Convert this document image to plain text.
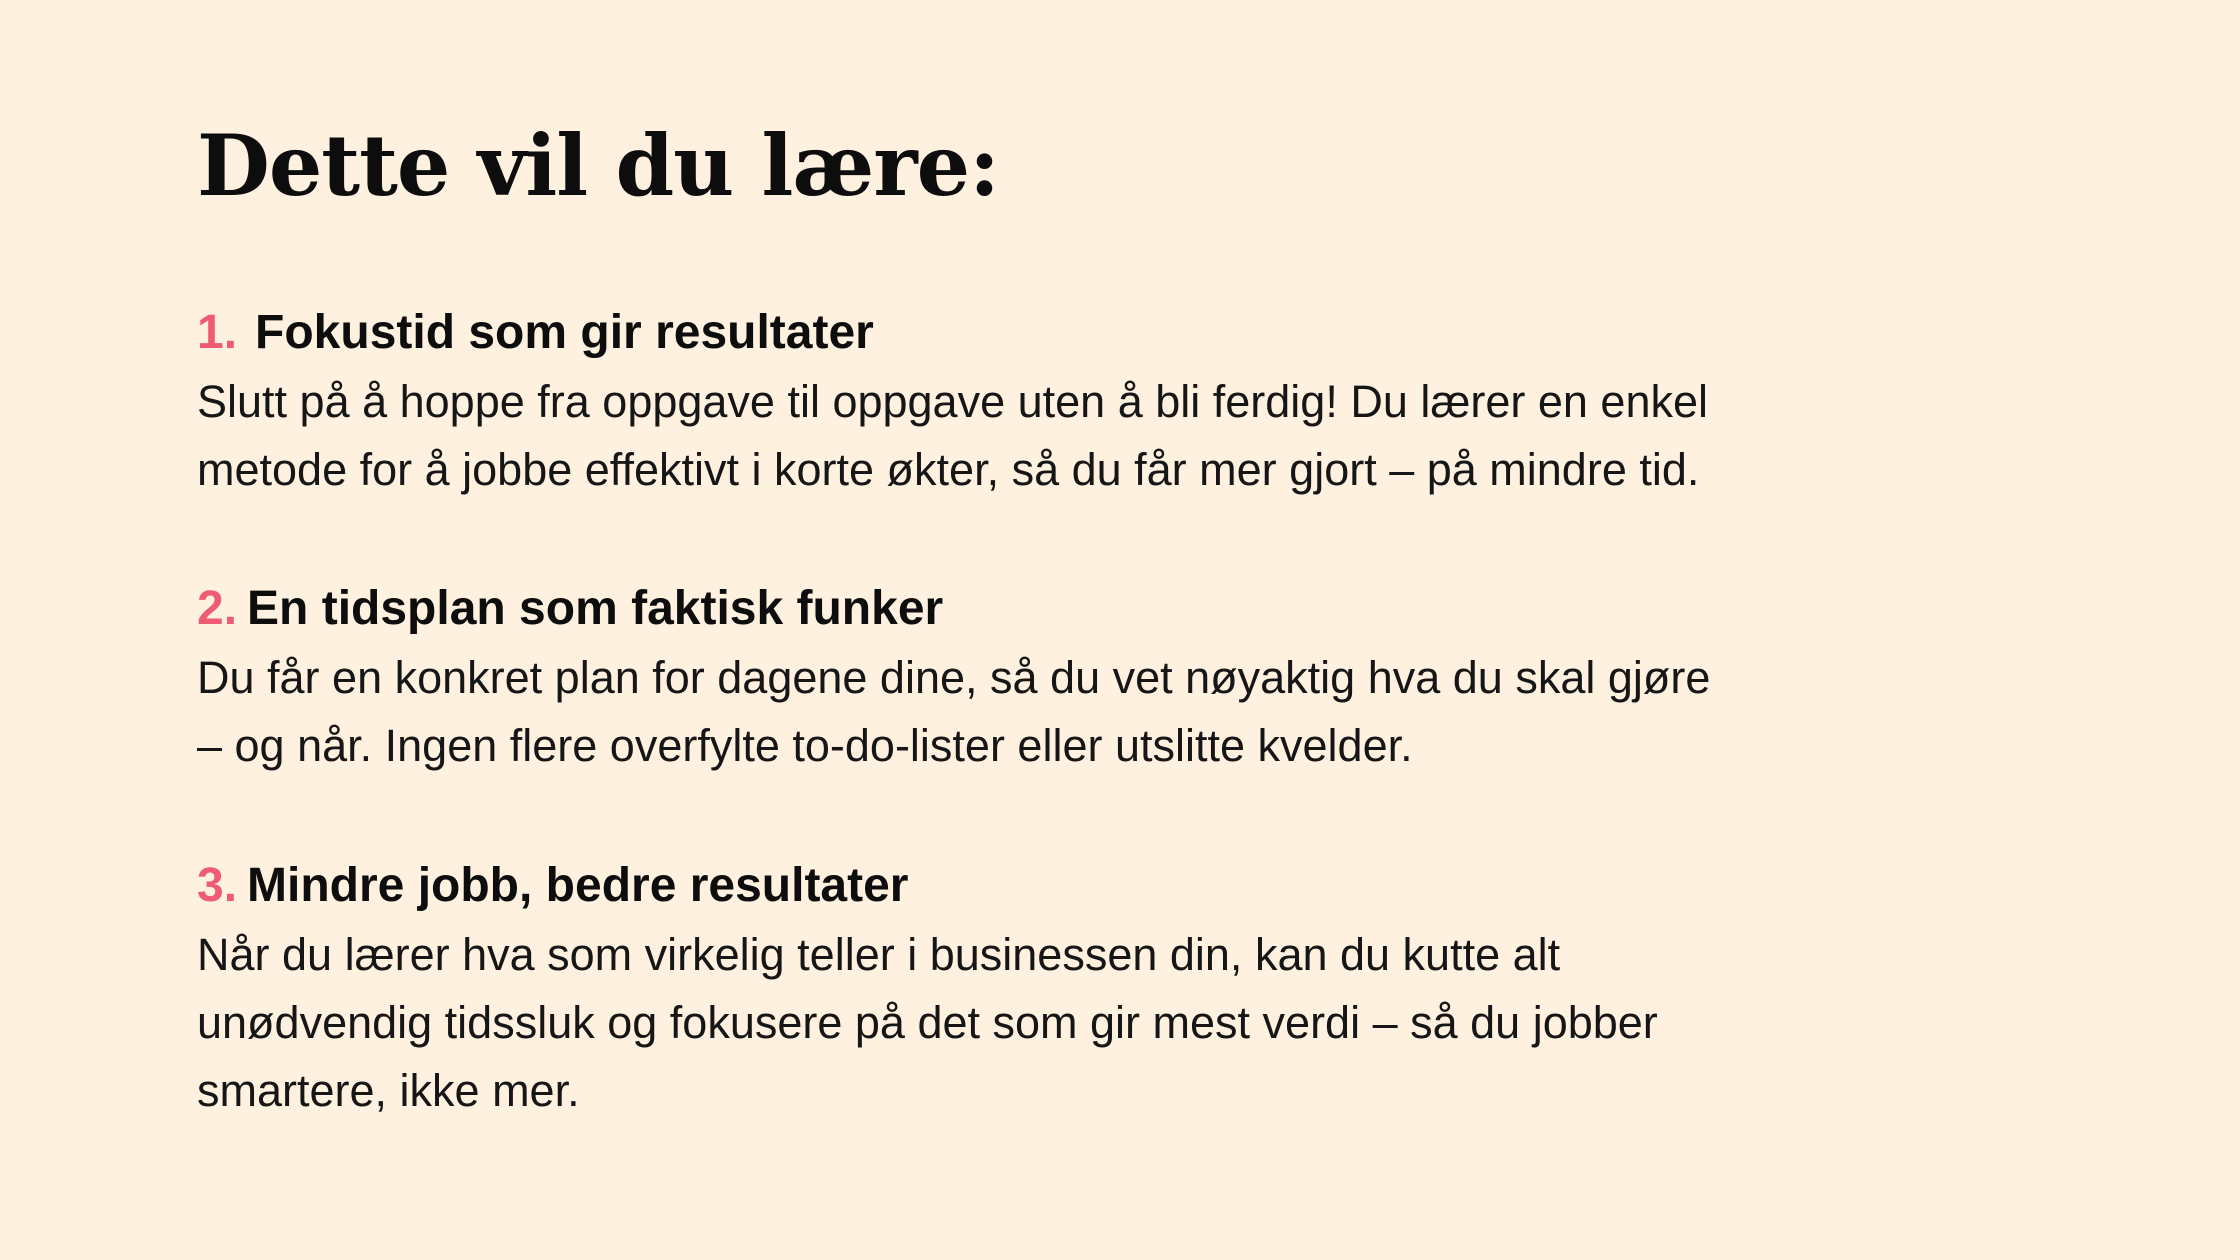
Dette vil du lære:
1. Fokustid som gir resultater
Slutt på å hoppe fra oppgave til oppgave uten å bli ferdig! Du lærer en enkel
metode for å jobbe effektivt i korte økter, så du får mer gjort – på mindre tid.
2. En tidsplan som faktisk funker
Du får en konkret plan for dagene dine, så du vet nøyaktig hva du skal gjøre
– og når. Ingen flere overfylte to-do-lister eller utslitte kvelder.
3. Mindre jobb, bedre resultater
Når du lærer hva som virkelig teller i businessen din, kan du kutte alt
unødvendig tidssluk og fokusere på det som gir mest verdi – så du jobber
smartere, ikke mer.
